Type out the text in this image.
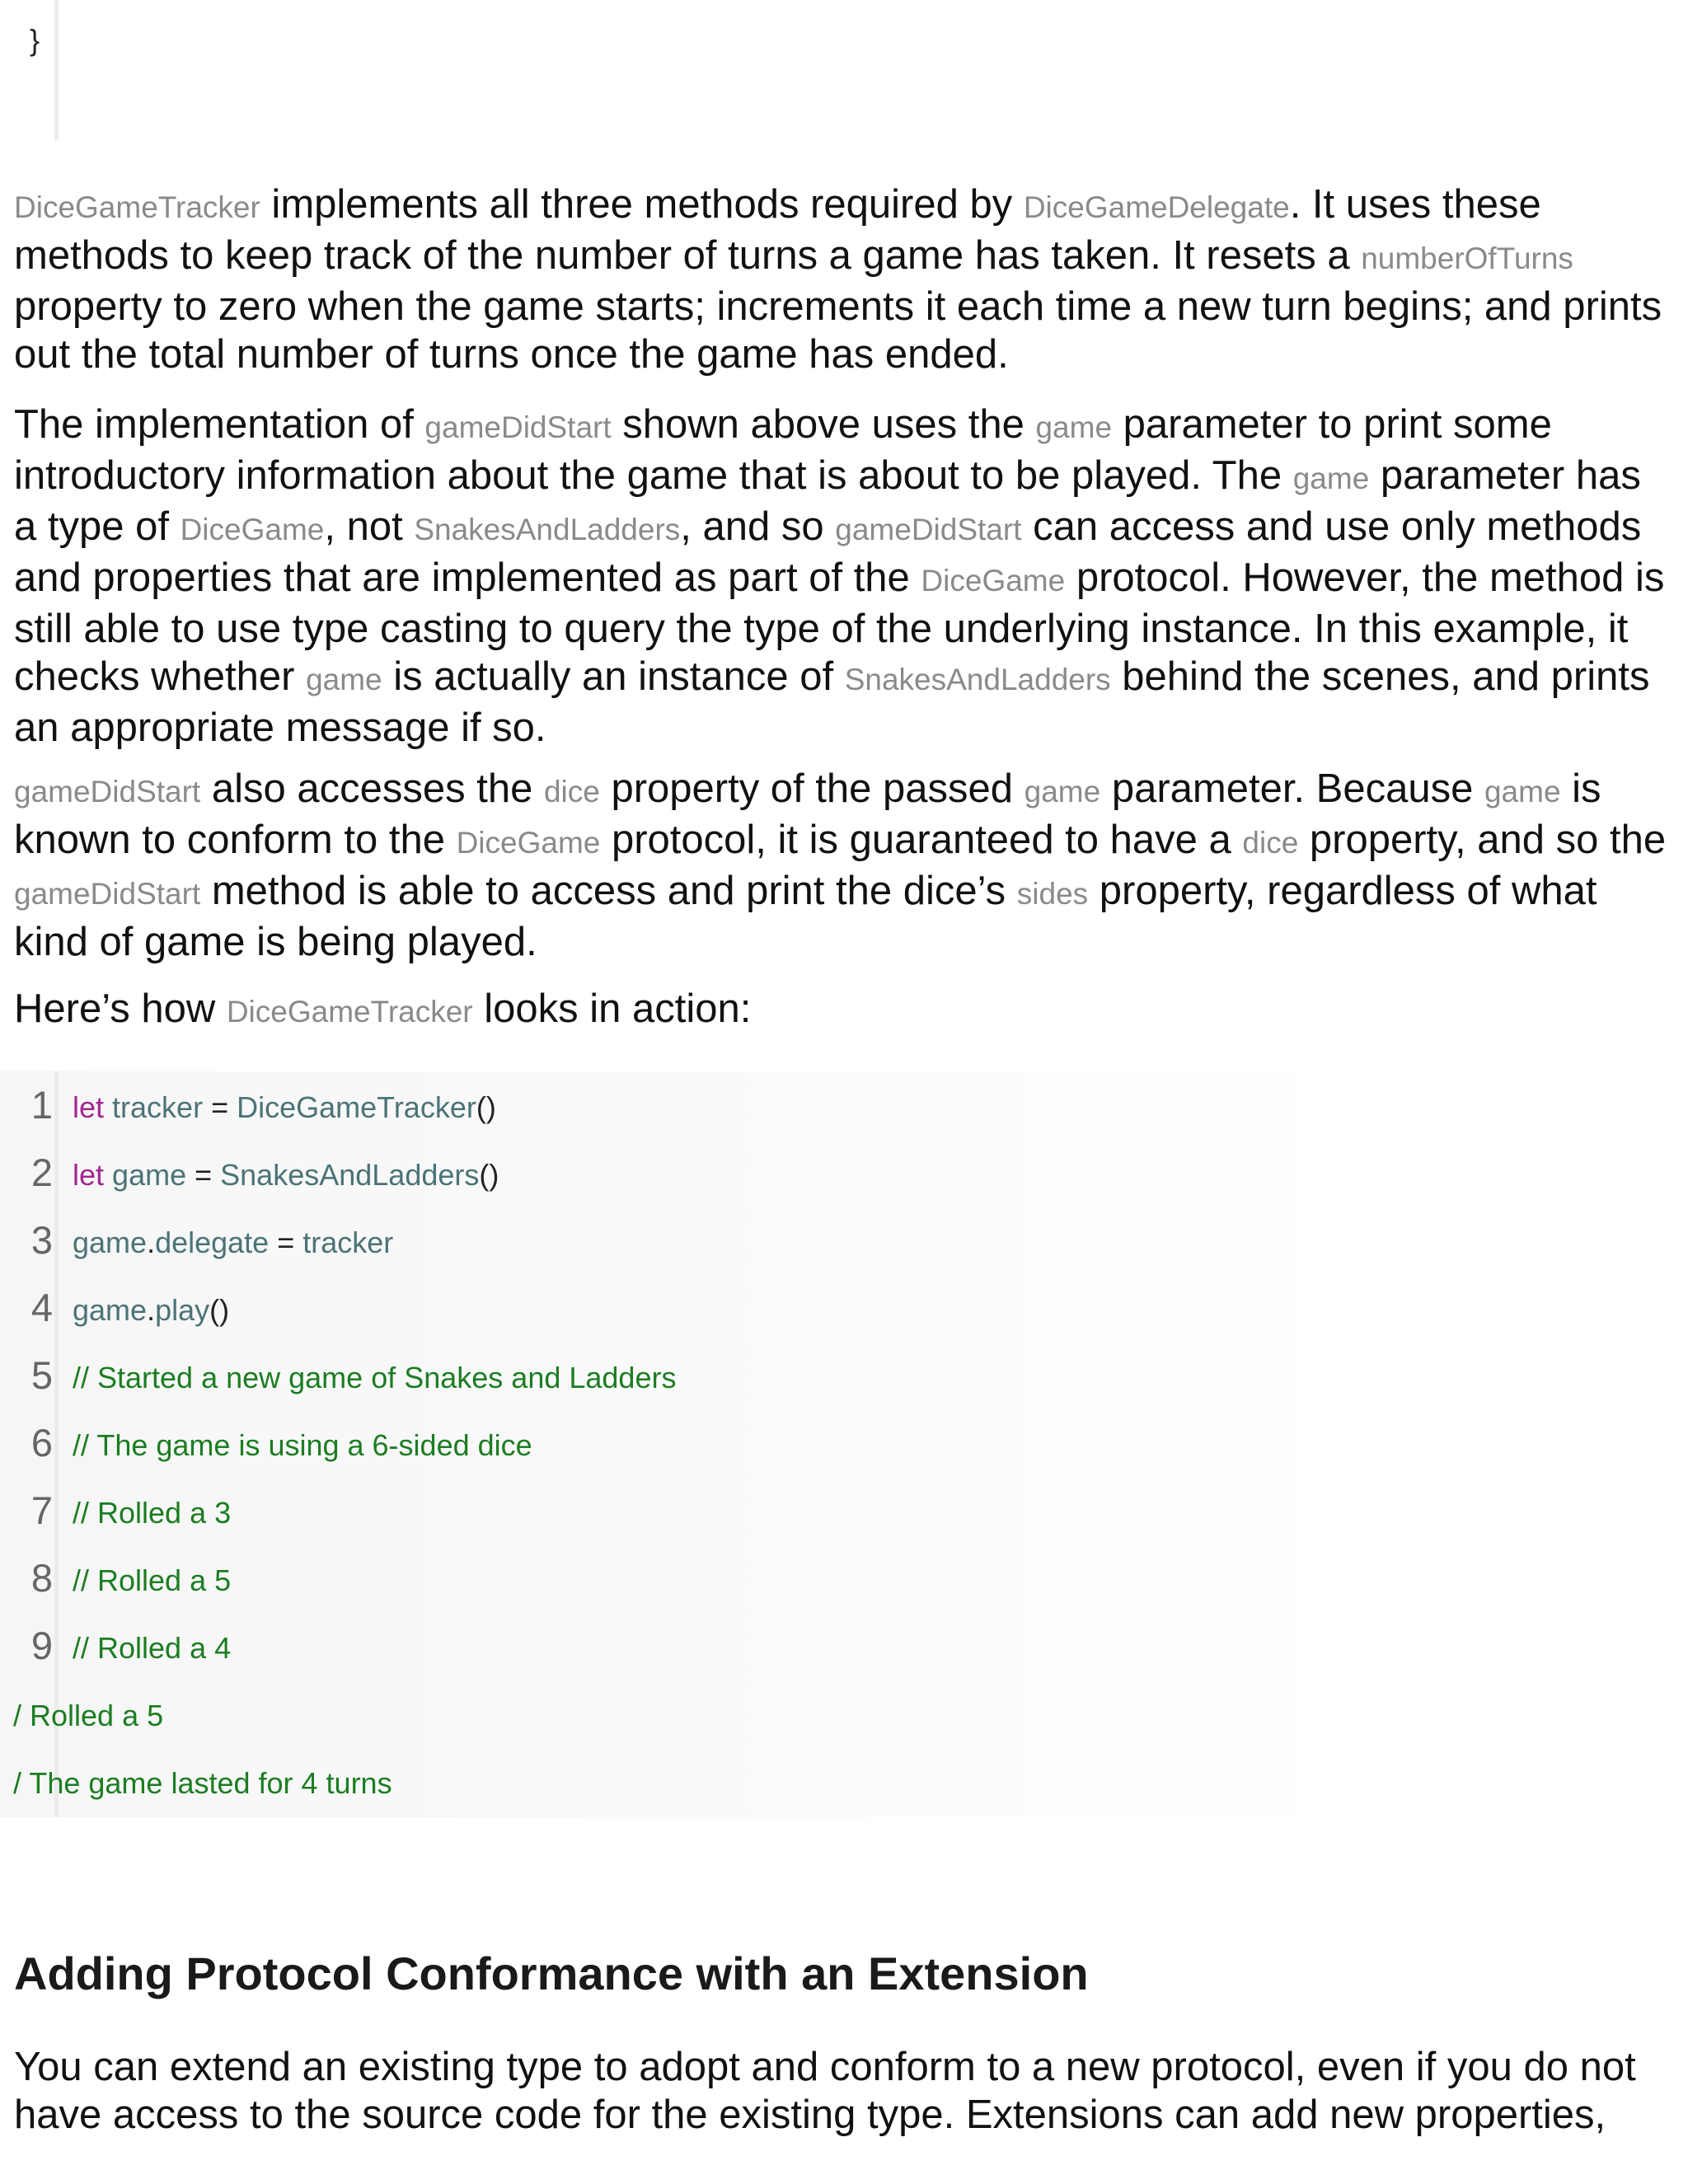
}

DiceGameTracker implements all three methods required by DiceGameDelegate. It uses these methods to keep track of the number of turns a game has taken. It resets a numberOfTurns property to zero when the game starts; increments it each time a new turn begins; and prints out the total number of turns once the game has ended.

The implementation of gameDidStart shown above uses the game parameter to print some introductory information about the game that is about to be played. The game parameter has a type of DiceGame, not SnakesAndLadders, and so gameDidStart can access and use only methods and properties that are implemented as part of the DiceGame protocol. However, the method is still able to use type casting to query the type of the underlying instance. In this example, it checks whether game is actually an instance of SnakesAndLadders behind the scenes, and prints an appropriate message if so.

gameDidStart also accesses the dice property of the passed game parameter. Because game is known to conform to the DiceGame protocol, it is guaranteed to have a dice property, and so the gameDidStart method is able to access and print the dice’s sides property, regardless of what kind of game is being played.

Here’s how DiceGameTracker looks in action:

1 let tracker = DiceGameTracker()
2 let game = SnakesAndLadders()
3 game.delegate = tracker
4 game.play()
5 // Started a new game of Snakes and Ladders
6 // The game is using a 6-sided dice
7 // Rolled a 3
8 // Rolled a 5
9 // Rolled a 4
/ Rolled a 5
/ The game lasted for 4 turns
Adding Protocol Conformance with an Extension

You can extend an existing type to adopt and conform to a new protocol, even if you do not have access to the source code for the existing type. Extensions can add new properties,
